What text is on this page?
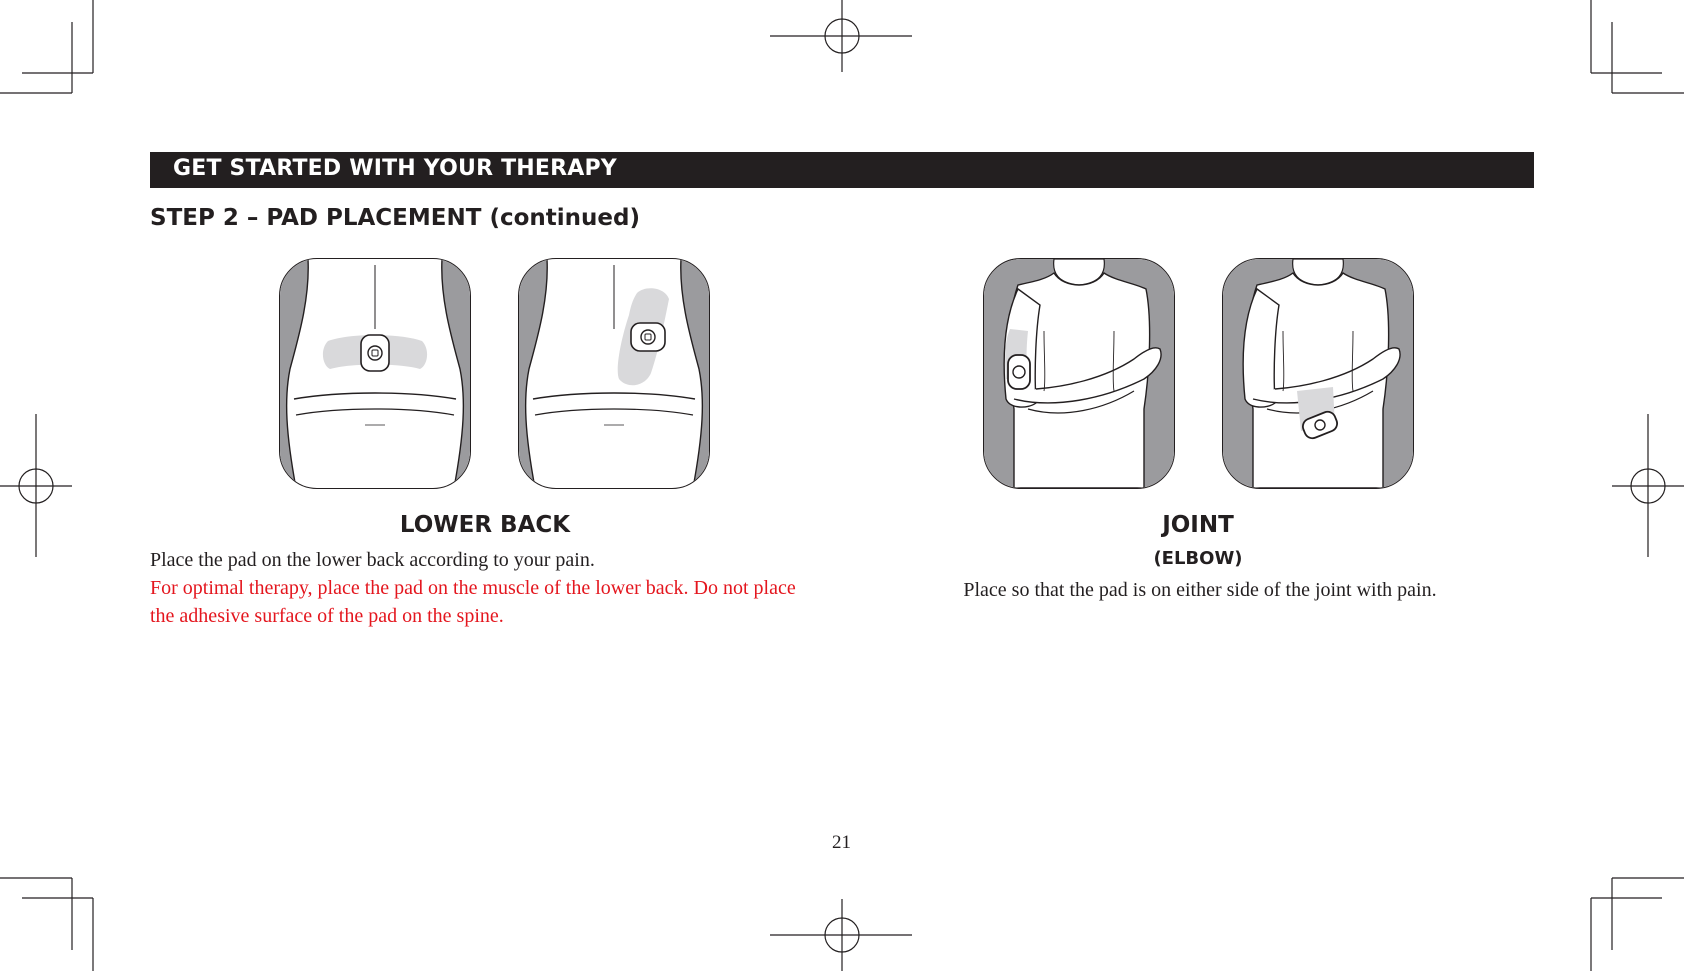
GET STARTED WITH YOUR THERAPY
STEP 2 – PAD PLACEMENT (continued)
LOWER BACK
Place the pad on the lower back according to your pain.
For optimal therapy, place the pad on the muscle of the lower back. Do not place the adhesive surface of the pad on the spine.
JOINT
(ELBOW)
Place so that the pad is on either side of the joint with pain.
21
